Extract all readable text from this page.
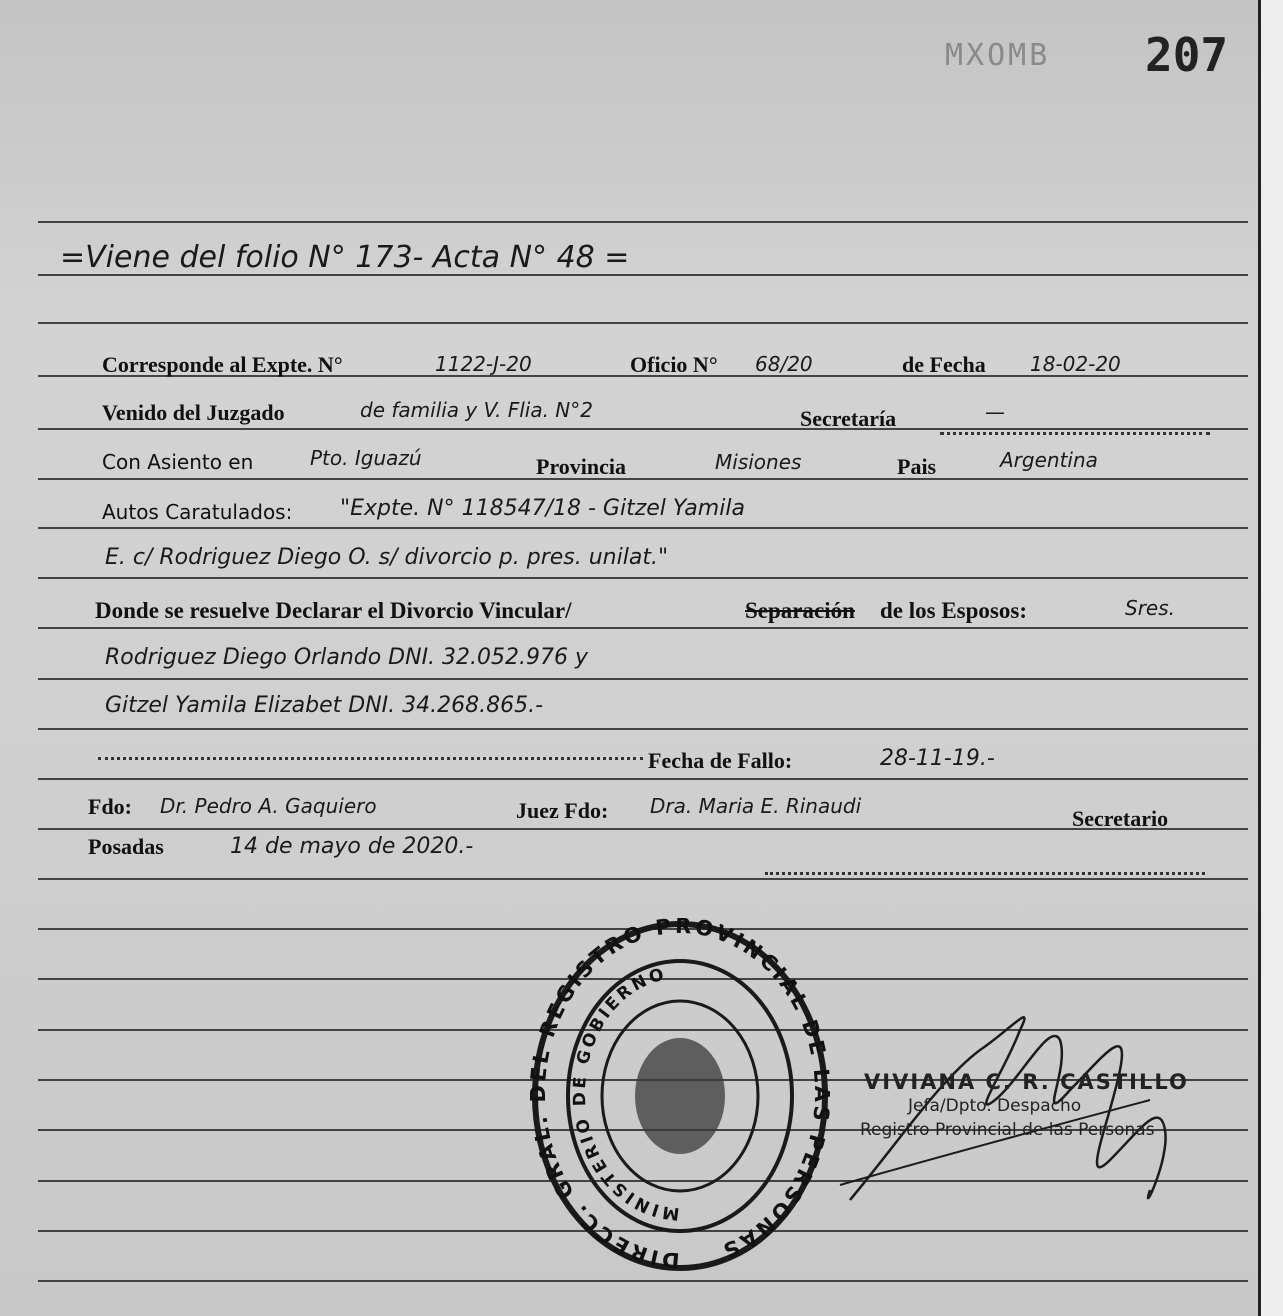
MXOMB 207
=Viene del folio N° 173- Acta N° 48 =
Corresponde al Expte. N°	1122-J-20	Oficio N° 68/20	de Fecha 18-02-20
Venido del Juzgado	de familia y V. Flia. N°2	Secretaría	—
Con Asiento en	Pto. Iguazú	Provincia	Misiones	Pais	Argentina
Autos Caratulados: "Expte. N° 118547/18 - Gitzel Yamila
E. c/ Rodriguez Diego O. s/ divorcio p. pres. unilat."
Donde se resuelve Declarar el Divorcio Vincular/	Separación de los Esposos:	Sres.
Rodriguez Diego Orlando DNI. 32.052.976 y
Gitzel Yamila Elizabet DNI. 34.268.865.-
Fecha de Fallo:	28-11-19.-
Fdo: Dr. Pedro A. Gaquiero	Juez Fdo: Dra. Maria E. Rinaudi	Secretario
Posadas	14 de mayo de 2020.-
DIRECC. GRAL L REGISTRO PROVINCIAL DE PERSONAS
MINISTERIO DE GOBIERNO
VIVIANA C. R. CASTILLO
Jefa/Dpto. Despacho
Registro Provincial de las Personas
